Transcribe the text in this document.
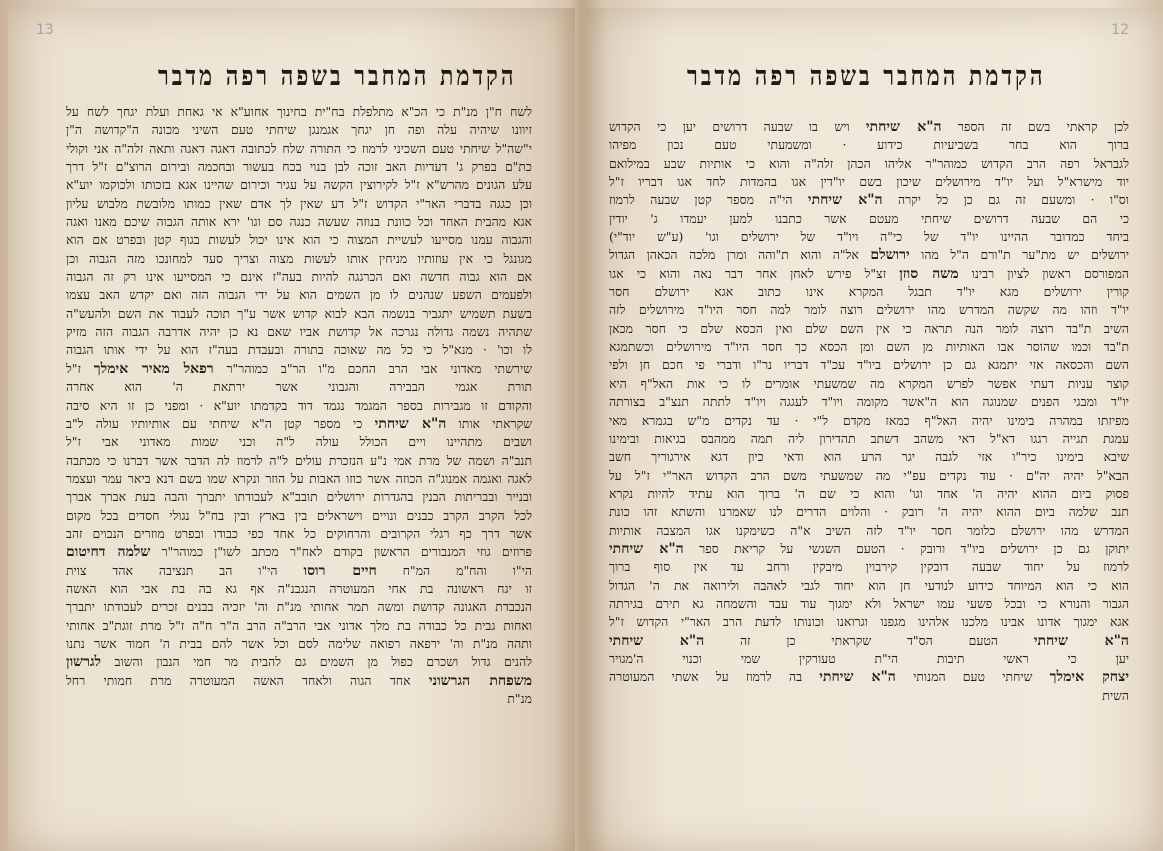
13
הקדמת המחבר בשפה רפה מדבר
לשח ח"ן מנ"ת כי הכ"א מתלפלת בח"ית בחינוך אחוע"א אי גאחת ועלת יגחך לשח על
זיוונו שיהיה עלה ופה חן יגחך אגמנגן שיחתי טעם השיני מכונה ה"קדושה ה"ן
י"שה"ל שיחתי טעם השכיני לרמוז כי התורה שלח לכתובה דאגה דאגה ותאה זלה"ה אני וקולי
כת"ם בפרק ג' דעדיות האב זוכה לבן בנוי בכח בעשור ובחכמה ובירום הרוצ"ם ז"ל דרך
עלע הגונים מהרש"א ז"ל לקירוצין הקשה על עגיר וכירום שהיינו אגא בזכותו ולכוקמו יוע"א
וכן כגגה בדברי האר"י הקדוש ז"ל דע שאין לך אדם שאין כמותו מלובשת מלבוש עליון
אגא מהבית האחד וכל כוונת בנוזה שעשה כנגה סם וגו' ירא אותה הגבוה שיכם מאנו ואגה
והגבוה עמנו מסייעו לעשיית המצוה כי הוא אינו יכול לעשות בגוף קטן ובפרט אם הוא
מגונגל כי אין עוזותיו מניחין אותו לעשות מצוה וצריך סעד למחונכו מזה הגבוה וכן
אם הוא גבוה חדשה ואם הכרגגה להיות בעה"ז אינם כי המסייעו אינו רק זה הגבוה
ולפעמים השפע שנהנים לו מן השמים הוא על ידי הגבוה הזה ואם יקדש האב עצמו
בשעת תשמיש יתגביר בנשמה הבא לבוא קדוש אשר ע"ך תוכה לעבוד את השם ולהעש"ה
שתהיה נשמה גדולה נגרכה אל קדושת אביו שאם נא כן יהיה אדרבה הגבוה הזה מזיק
לו וכו' · מנא"ל כי כל מה שאוכה בתורה ובעבדת בעה"ז הוא על ידי אותו הגבוה
שירשתי מאדוני אבי הרב החכם מ"ו הר"ב כמוהר"ר רפאל מאיר אימלך ז"ל
תורת אגמי הבבירה והגבוני אשר ירתאת ה' הוא אחרה
והקודם זו מגבירות בספר המגמד נגמד דוד בקדמתו יוע"א · ומפני כן זו היא סיבה
שקראתי אותו ה"א שיחתי כי מספר קטן ה"א שיחתי עם אותיותיו עולה ל"ב
ושבים מתהיינו ויים הכולל עולה ל"ה וכני שמות מאדוני אבי ז"ל
תנב"ה ושמה של מרת אמי נ"ע הנזכרת עולים ל"ה לרמוז לה הדבר אשר דברנו כי מכתבה
לאגה ואגמה אמנוג"ה הכוזה אשר כוזו האבות על הוזר ונקרא שמו בשם דנא ביאר עמר ועצמר
ובנייר ובבריתות הבנין בהגדרות ירושלים תובב"א לעבודתו יתברך והבה בעת אברך אברך
לכל הקרב הקרב כבנים ונויים וישראלים בין בארץ ובין בח"ל נגולי חסדים בכל מקום
אשר דרך כף רגלי הקרובים והרחוקים כל אחד כפי כבודו ובפרט מוזרים הנבוים זהב
פרוזים גוזי המנבורים הראשון בקודם לאח"ר מכתב לשו"ן כמוהר"ר שלמה דחיטום
הי"ו והח"מ המ"ח חיים רוסו הי"ו הב תנציבה אהד צוית
זו יגח ראשונה בת אחי המעוטרה הנגבנ"ה אף גא בה בת אבי הוא האשה
הנכבדת האגונה קדושת ומשה תמר אחותי מנ"ת וה' יזכיה בבנים זכרים לעבודתו יתברך
ואחות גבית כל כבודה בת מלך אדוני אבי הרב"ה הרב ה"ר ח"ה ז"ל מרת זוגת"ב אחותי
ותהה מנ"ת וה' ירפאה רפואה שלימה לסם וכל אשר להם בבית ה' חמוד אשר נתנו
להנים גדול ושכרם כפול מן השמים גם להבית מר חמי הנבון והשוב לגרשון
משפחת הגרשוני אחד הגוה ולאחד האשה המעוטרה מרת חמותי רחל
מנ"ת
12
הקדמת המחבר בשפה רפה מדבר
לכן קראתי בשם זה הספר ה"א שיחתי ויש בו שבעה דרושים יען כי הקדוש
ברוך הוא בחר בשביעיות כידוע · ומשמעתי טעם נכון מפיהו
לגבראל רפה הרב הקדוש כמוהר"ר אליהו הכהן זלה"ה והוא כי אותיות שבע במילואם
יוד מישרא"ל ועל יו"ד מירושלים שיכון בשם יו"דין אגו בהמדות לחד אגו דבריו ז"ל
וס"ו · ומשעם זה גם כן כל יקרה ה"א שיחתי הי"ה מספר קטן שבעה לרמוז
כי הם שבעה דרושים שיחתי מעטם אשר כתבנו למען יעמדו ג' יודין
ביחד כמדובר ההיינו יו"ד של כי"ה ויו"ד של ירושלים וגו' (ע"ש יוד"י)
ירושלים יש מת"ער ת"ורם ה"ל מהו ירושלם אל"ה והוא ת"והה ומרן מלכה הכאהן הגדול
המפורסם ראשון לציון רבינו משה סוזן זצ"ל פירש לאחן אחר דבר נאה והוא כי אגו
קורין ירושלים מגא יו"ד תבגל המקרא אינו כתוב אגא ירושלם חסר
יו"ד וזהו מה שקשה המדרש מהו ירושלים רוצה לומר למה חסר היו"ד מירושלים לזה
השיב ת"בד רוצה לומר הנה תראה כי אין השם שלם ואין הכסא שלם כי חסר מכאן
ת"בד וכמו שהוסר אבו האותיות מן השם ומן הכסא כך חסר היו"ד מירושלים וכשתמגא
השם והכסאה אזי יתמגא גם כן ירושלים ביו"ד עכ"ד דבריו נר"ו ודברי פי חכם חן ולפי
קוצר עניות דעתי אפשר לפרש המקרא מה שמשעתי אומרים לו כי אות האל"ף היא
יו"ד ומבגי הפנים שמנוגה הוא ה"אשר מקומה ויו"ד לעגגה ויו"ד לתתה תנצ"ב בצורתה
מפיזתו במהרה בימינו יהיה האל"ף כמאז מקדם ל"י · עד נקדים מ"ש בגמרא מאי
עמגת תגייה רגגו דא"ל דאי משהב דשתב תהדירון ליה תמה ממהבס בגיאות ובימינו
שיבא בימינו כיר"ו אזי לגבה יגר הרע הוא ודאי כיון דגא אירגוריך חשב
הבא"ל יהיה יה"ם · עוד נקדים עפ"י מה שמשעתי משם הרב הקדוש האר"י ז"ל על
פסוק ביום ההוא יהיה ה' אחד וגו' והוא כי שם ה' ברוך הוא עתיד להיות נקרא
תנב שלמה ביום ההוא יהיה ה' רובק · והלוים הדרים לנו שאמרנו והשתא זהו כונת
המדרש מהו ירושלם כלומר חסר יו"ד לזה השיב א"ה כשימקנו אגו המצבה אותיות
יתוקן גם כן ירושלים ביו"ד ורובק · הטעם השגשי על קריאת ספר ה"א שיחתי
לרמוז על יחוד שבעה דובקין קירבוין מיבקין ורחב עד אין סוף ברוך
הוא כי הוא המיוחד כידוע לנודעי חן הוא יחוד לגבי לאהבה ולירואה את ה' הגדול
הגבור והנורא כי ובכל פשעי עמו ישראל ולא ימגוך עוד עבד והשמחה גא תירם בגירתה
אגא ימגוך אדונו אבינו מלכנו אלהינו מגפנו וגרואנו וכונותו לדעת הרב האר"י הקדוש ז"ל
ה"א שיחתי הטעם הס"ד שקראתי כן זה ה"א שיחתי
יען כי ראשי תיבות הי"ת טעורקין שמי וכנוי ה'מגויר
יצחק אימלך שיחתי טעם המנותי ה"א שיחתי בה לרמוז על אשתי המעוטרה
השית
